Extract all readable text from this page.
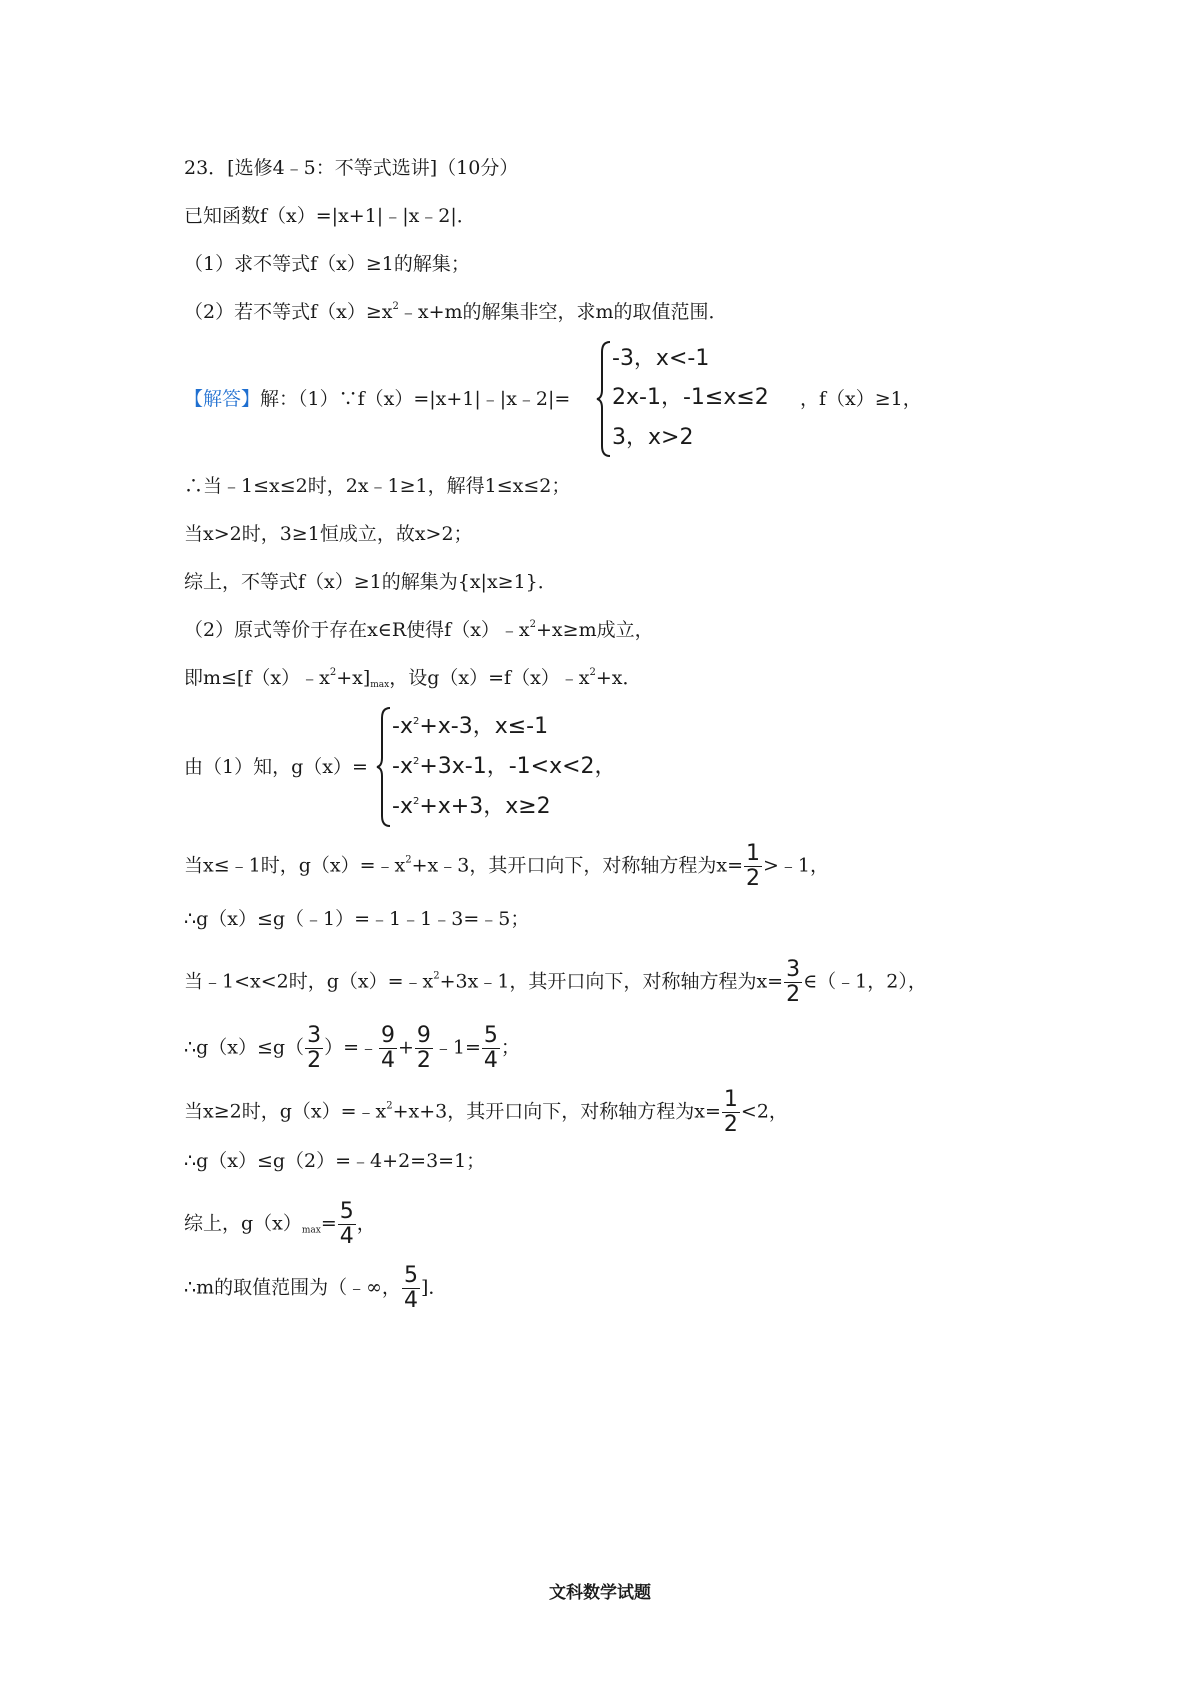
23．[选修4﹣5：不等式选讲]（10分）
已知函数f（x）=|x+1|﹣|x﹣2|．
（1）求不等式f（x）≥1的解集；
（2）若不等式$f(x)\ge x^2﹣x+m$的解集非空，求m的取值范围．
【解答】解：（1）∵f（x）=|x+1|﹣|x﹣2|=
-3，x<-1
2x-1，-1≤x≤2
3，x>2
，f（x）≥1，
∴当﹣1≤x≤2时，2x﹣1≥1，解得1≤x≤2；
当x>2时，3≥1恒成立，故x>2；
综上，不等式f（x）≥1的解集为{x|x≥1}．
（2）原式等价于存在x∈R使得$f(x)﹣x^2+x\ge m$成立，
即$m\le[f(x)﹣x^2+x]_{max}$，设$g(x)=f(x)﹣x^2+x$．
由（1）知，g（x）=
$-x^2+x-3$，x≤-1
$-x^2+3x-1$，-1<x<2，
$-x^2+x+3$，x≥2
当x≤﹣1时，$g(x)=﹣x^2+x﹣3$，其开口向下，对称轴方程为$x= \frac{1}{2}$ >﹣1，
∴g（x）≤g（﹣1）=﹣1﹣1﹣3=﹣5；
当﹣1<x<2时，$g(x)=﹣x^2+3x﹣1$，其开口向下，对称轴方程为$x= \frac{3}{2}$ ∈（﹣1，2），
∴g（x）≤g（ $\frac{3}{2}$ ）=﹣ $\frac{9}{4} + \frac{9}{2}$ ﹣1= $\frac{5}{4}$ ；
当x≥2时，$g(x)=﹣x^2+x+3$，其开口向下，对称轴方程为$x= \frac{1}{2} <2$，
∴g（x）≤g（2）=﹣4+2=3=1；
综上，$g(x)_{max}= \frac{5}{4}$ ，
∴m的取值范围为（﹣∞， $\frac{5}{4}$ ]．
文科数学试题
